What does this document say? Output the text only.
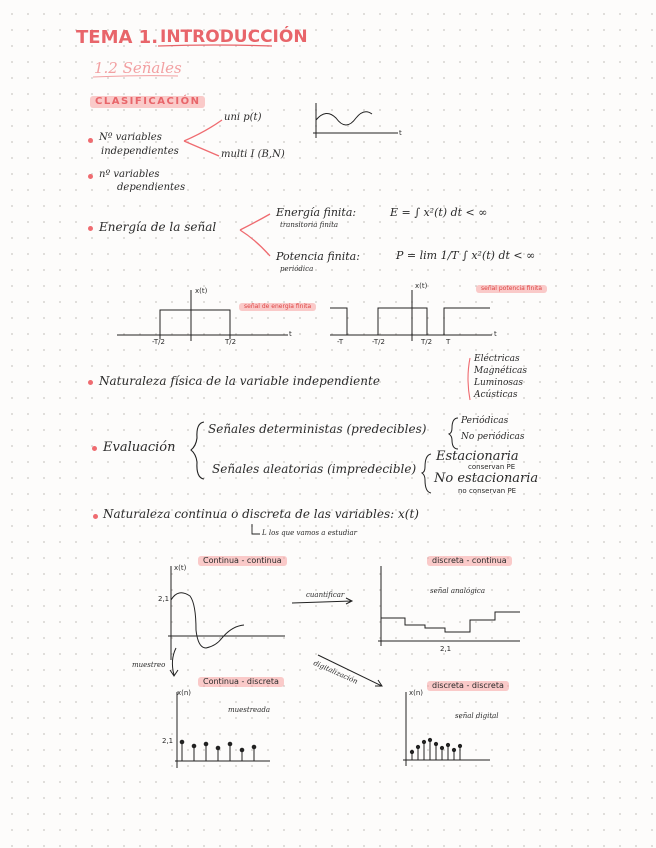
TEMA 1. INTRODUCCIÓN
1.2 Señales
CLASIFICACIÓN
Nº variables
independientes
uni p(t)
multi I (B,N)
t
nº variables
dependientes
Energía de la señal
Energía finita:
transitoria finita
E = ∫ x²(t) dt < ∞
Potencia finita:
periódica
P = lim 1/T ∫ x²(t) dt < ∞
x(t)
t
-T/2	T/2
señal de energía finita
x(t)
t
-T	-T/2	T/2 T
señal potencia finita
Naturaleza física de la variable independiente
Eléctricas
Magnéticas
Luminosas
Acústicas
Evaluación
Señales deterministas (predecibles)
Periódicas
No periódicas
Señales aleatorias (impredecible)
Estacionaria
conservan PE
No estacionaria
no conservan PE
Naturaleza continua o discreta de las variables: x(t)
L los que vamos a estudiar
Continua - continua	discreta - continua
Continua - discreta	discreta - discreta
x(t)
2,1	cuantificar
muestreo	digitalización
señal analógica
2,1
x(n)
2,1
muestreada
x(n)
señal digital
